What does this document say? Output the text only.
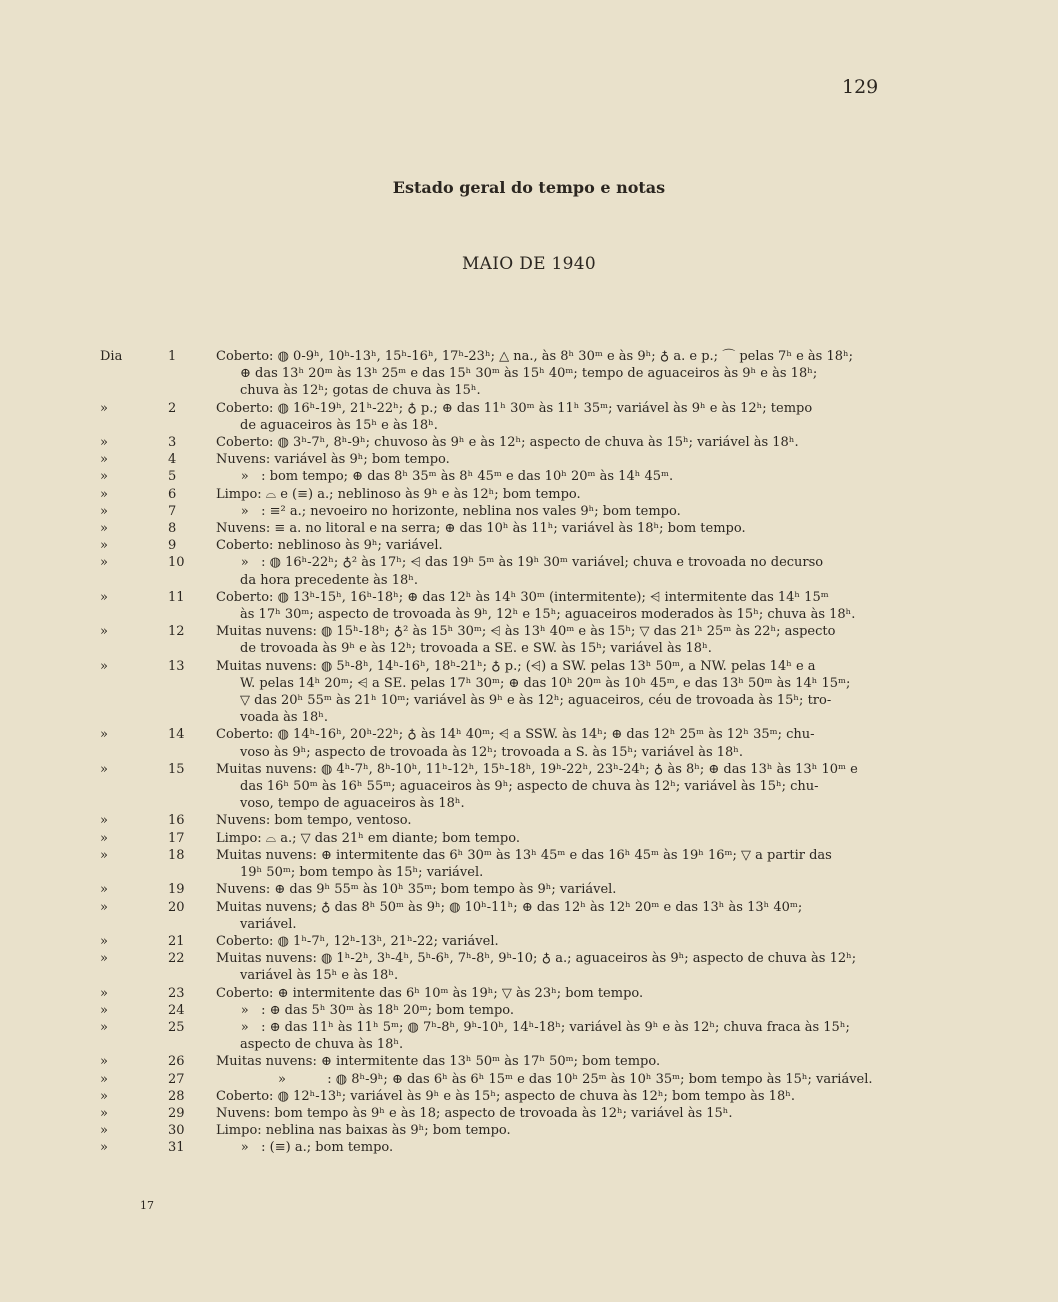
129
Estado geral do tempo e notas
MAIO DE 1940
Dia	1	Coberto: ◍ 0-9ʰ, 10ʰ-13ʰ, 15ʰ-16ʰ, 17ʰ-23ʰ; △ na., às 8ʰ 30ᵐ e às 9ʰ; ♁ a. e p.; ⌒ pelas 7ʰ e às 18ʰ;
⊕ das 13ʰ 20ᵐ às 13ʰ 25ᵐ e das 15ʰ 30ᵐ às 15ʰ 40ᵐ; tempo de aguaceiros às 9ʰ e às 18ʰ;
chuva às 12ʰ; gotas de chuva às 15ʰ.
»	2	Coberto: ◍ 16ʰ-19ʰ, 21ʰ-22ʰ; ♁ p.; ⊕ das 11ʰ 30ᵐ às 11ʰ 35ᵐ; variável às 9ʰ e às 12ʰ; tempo
de aguaceiros às 15ʰ e às 18ʰ.
»	3	Coberto: ◍ 3ʰ-7ʰ, 8ʰ-9ʰ; chuvoso às 9ʰ e às 12ʰ; aspecto de chuva às 15ʰ; variável às 18ʰ.
»	4	Nuvens: variável às 9ʰ; bom tempo.
»	5	»   : bom tempo; ⊕ das 8ʰ 35ᵐ às 8ʰ 45ᵐ e das 10ʰ 20ᵐ às 14ʰ 45ᵐ.
»	6	Limpo: ⌓ e (≡) a.; neblinoso às 9ʰ e às 12ʰ; bom tempo.
»	7	»   : ≡² a.; nevoeiro no horizonte, neblina nos vales 9ʰ; bom tempo.
»	8	Nuvens: ≡ a. no litoral e na serra; ⊕ das 10ʰ às 11ʰ; variável às 18ʰ; bom tempo.
»	9	Coberto: neblinoso às 9ʰ; variável.
»	10	»   : ◍ 16ʰ-22ʰ; ♁² às 17ʰ; ⩤ das 19ʰ 5ᵐ às 19ʰ 30ᵐ variável; chuva e trovoada no decurso
da hora precedente às 18ʰ.
»	11	Coberto: ◍ 13ʰ-15ʰ, 16ʰ-18ʰ; ⊕ das 12ʰ às 14ʰ 30ᵐ (intermitente); ⩤ intermitente das 14ʰ 15ᵐ
às 17ʰ 30ᵐ; aspecto de trovoada às 9ʰ, 12ʰ e 15ʰ; aguaceiros moderados às 15ʰ; chuva às 18ʰ.
»	12	Muitas nuvens: ◍ 15ʰ-18ʰ; ♁² às 15ʰ 30ᵐ; ⩤ às 13ʰ 40ᵐ e às 15ʰ; ▽ das 21ʰ 25ᵐ às 22ʰ; aspecto
de trovoada às 9ʰ e às 12ʰ; trovoada a SE. e SW. às 15ʰ; variável às 18ʰ.
»	13	Muitas nuvens: ◍ 5ʰ-8ʰ, 14ʰ-16ʰ, 18ʰ-21ʰ; ♁ p.; (⩤) a SW. pelas 13ʰ 50ᵐ, a NW. pelas 14ʰ e a
W. pelas 14ʰ 20ᵐ; ⩤ a SE. pelas 17ʰ 30ᵐ; ⊕ das 10ʰ 20ᵐ às 10ʰ 45ᵐ, e das 13ʰ 50ᵐ às 14ʰ 15ᵐ;
▽ das 20ʰ 55ᵐ às 21ʰ 10ᵐ; variável às 9ʰ e às 12ʰ; aguaceiros, céu de trovoada às 15ʰ; tro-
voada às 18ʰ.
»	14	Coberto: ◍ 14ʰ-16ʰ, 20ʰ-22ʰ; ♁ às 14ʰ 40ᵐ; ⩤ a SSW. às 14ʰ; ⊕ das 12ʰ 25ᵐ às 12ʰ 35ᵐ; chu-
voso às 9ʰ; aspecto de trovoada às 12ʰ; trovoada a S. às 15ʰ; variável às 18ʰ.
»	15	Muitas nuvens: ◍ 4ʰ-7ʰ, 8ʰ-10ʰ, 11ʰ-12ʰ, 15ʰ-18ʰ, 19ʰ-22ʰ, 23ʰ-24ʰ; ♁ às 8ʰ; ⊕ das 13ʰ às 13ʰ 10ᵐ e
das 16ʰ 50ᵐ às 16ʰ 55ᵐ; aguaceiros às 9ʰ; aspecto de chuva às 12ʰ; variável às 15ʰ; chu-
voso, tempo de aguaceiros às 18ʰ.
»	16	Nuvens: bom tempo, ventoso.
»	17	Limpo: ⌓ a.; ▽ das 21ʰ em diante; bom tempo.
»	18	Muitas nuvens: ⊕ intermitente das 6ʰ 30ᵐ às 13ʰ 45ᵐ e das 16ʰ 45ᵐ às 19ʰ 16ᵐ; ▽ a partir das
19ʰ 50ᵐ; bom tempo às 15ʰ; variável.
»	19	Nuvens: ⊕ das 9ʰ 55ᵐ às 10ʰ 35ᵐ; bom tempo às 9ʰ; variável.
»	20	Muitas nuvens; ♁ das 8ʰ 50ᵐ às 9ʰ; ◍ 10ʰ-11ʰ; ⊕ das 12ʰ às 12ʰ 20ᵐ e das 13ʰ às 13ʰ 40ᵐ;
variável.
»	21	Coberto: ◍ 1ʰ-7ʰ, 12ʰ-13ʰ, 21ʰ-22; variável.
»	22	Muitas nuvens: ◍ 1ʰ-2ʰ, 3ʰ-4ʰ, 5ʰ-6ʰ, 7ʰ-8ʰ, 9ʰ-10; ♁ a.; aguaceiros às 9ʰ; aspecto de chuva às 12ʰ;
variável às 15ʰ e às 18ʰ.
»	23	Coberto: ⊕ intermitente das 6ʰ 10ᵐ às 19ʰ; ▽ às 23ʰ; bom tempo.
»	24	»   : ⊕ das 5ʰ 30ᵐ às 18ʰ 20ᵐ; bom tempo.
»	25	»   : ⊕ das 11ʰ às 11ʰ 5ᵐ; ◍ 7ʰ-8ʰ, 9ʰ-10ʰ, 14ʰ-18ʰ; variável às 9ʰ e às 12ʰ; chuva fraca às 15ʰ;
aspecto de chuva às 18ʰ.
»	26	Muitas nuvens: ⊕ intermitente das 13ʰ 50ᵐ às 17ʰ 50ᵐ; bom tempo.
»	27	»          : ◍ 8ʰ-9ʰ; ⊕ das 6ʰ às 6ʰ 15ᵐ e das 10ʰ 25ᵐ às 10ʰ 35ᵐ; bom tempo às 15ʰ; variável.
»	28	Coberto: ◍ 12ʰ-13ʰ; variável às 9ʰ e às 15ʰ; aspecto de chuva às 12ʰ; bom tempo às 18ʰ.
»	29	Nuvens: bom tempo às 9ʰ e às 18; aspecto de trovoada às 12ʰ; variável às 15ʰ.
»	30	Limpo: neblina nas baixas às 9ʰ; bom tempo.
»	31	»   : (≡) a.; bom tempo.
17
